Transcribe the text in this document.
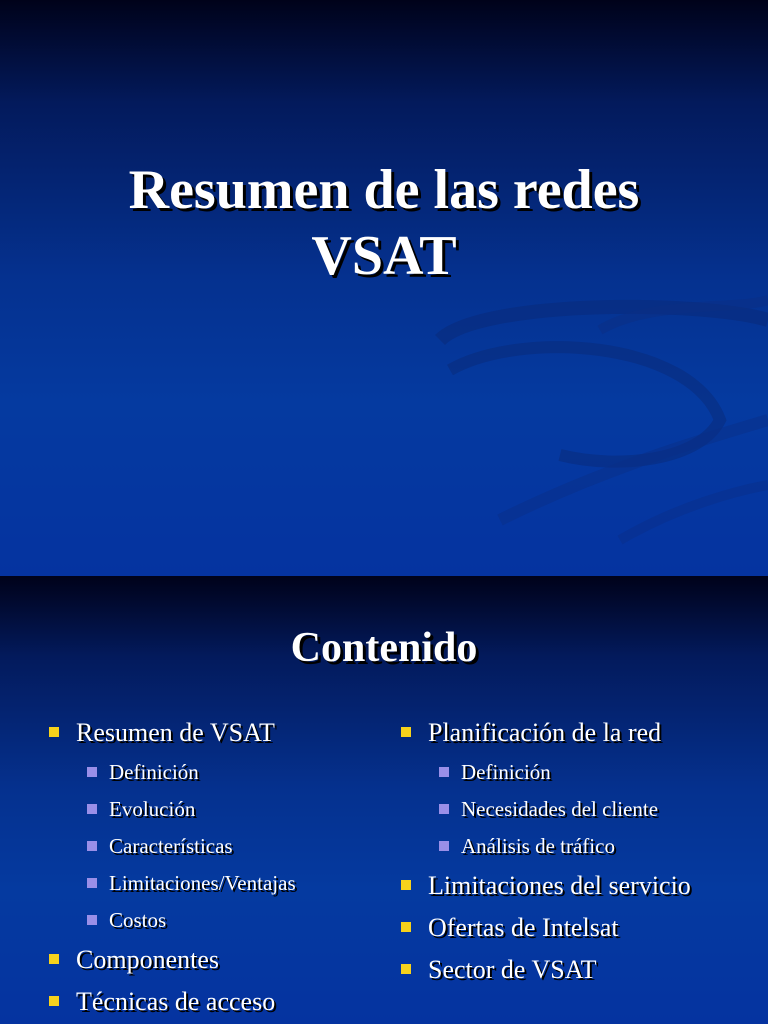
Resumen de las redes
VSAT
Contenido
Resumen de VSAT
Definición
Evolución
Características
Limitaciones/Ventajas
Costos
Componentes
Técnicas de acceso
Planificación de la red
Definición
Necesidades del cliente
Análisis de tráfico
Limitaciones del servicio
Ofertas de Intelsat
Sector de VSAT
